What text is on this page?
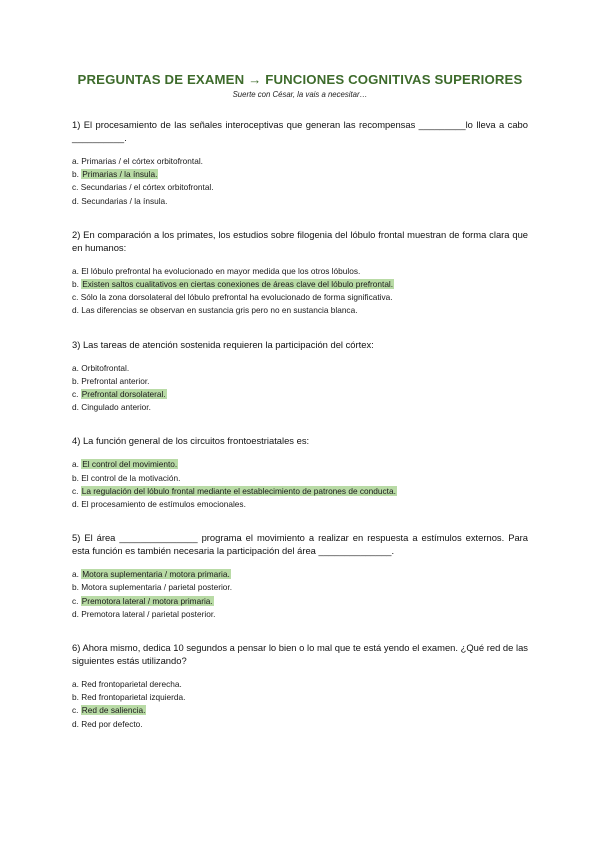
PREGUNTAS DE EXAMEN → FUNCIONES COGNITIVAS SUPERIORES
Suerte con César, la vais a necesitar…

1) El procesamiento de las señales interoceptivas que generan las recompensas _________lo lleva a cabo __________.

a. Primarias / el córtex orbitofrontal.
b. Primarias / la ínsula.
c. Secundarias / el córtex orbitofrontal.
d. Secundarias / la ínsula.

2) En comparación a los primates, los estudios sobre filogenia del lóbulo frontal muestran de forma clara que en humanos:

a. El lóbulo prefrontal ha evolucionado en mayor medida que los otros lóbulos.
b. Existen saltos cualitativos en ciertas conexiones de áreas clave del lóbulo prefrontal.
c. Sólo la zona dorsolateral del lóbulo prefrontal ha evolucionado de forma significativa.
d. Las diferencias se observan en sustancia gris pero no en sustancia blanca.

3) Las tareas de atención sostenida requieren la participación del córtex:

a. Orbitofrontal.
b. Prefrontal anterior.
c. Prefrontal dorsolateral.
d. Cingulado anterior.

4) La función general de los circuitos frontoestriatales es:

a. El control del movimiento.
b. El control de la motivación.
c. La regulación del lóbulo frontal mediante el establecimiento de patrones de conducta.
d. El procesamiento de estímulos emocionales.

5) El área _______________ programa el movimiento a realizar en respuesta a estímulos externos. Para esta función es también necesaria la participación del área ______________.

a. Motora suplementaria / motora primaria.
b. Motora suplementaria / parietal posterior.
c. Premotora lateral / motora primaria.
d. Premotora lateral / parietal posterior.

6) Ahora mismo, dedica 10 segundos a pensar lo bien o lo mal que te está yendo el examen. ¿Qué red de las siguientes estás utilizando?

a. Red frontoparietal derecha.
b. Red frontoparietal izquierda.
c. Red de saliencia.
d. Red por defecto.
